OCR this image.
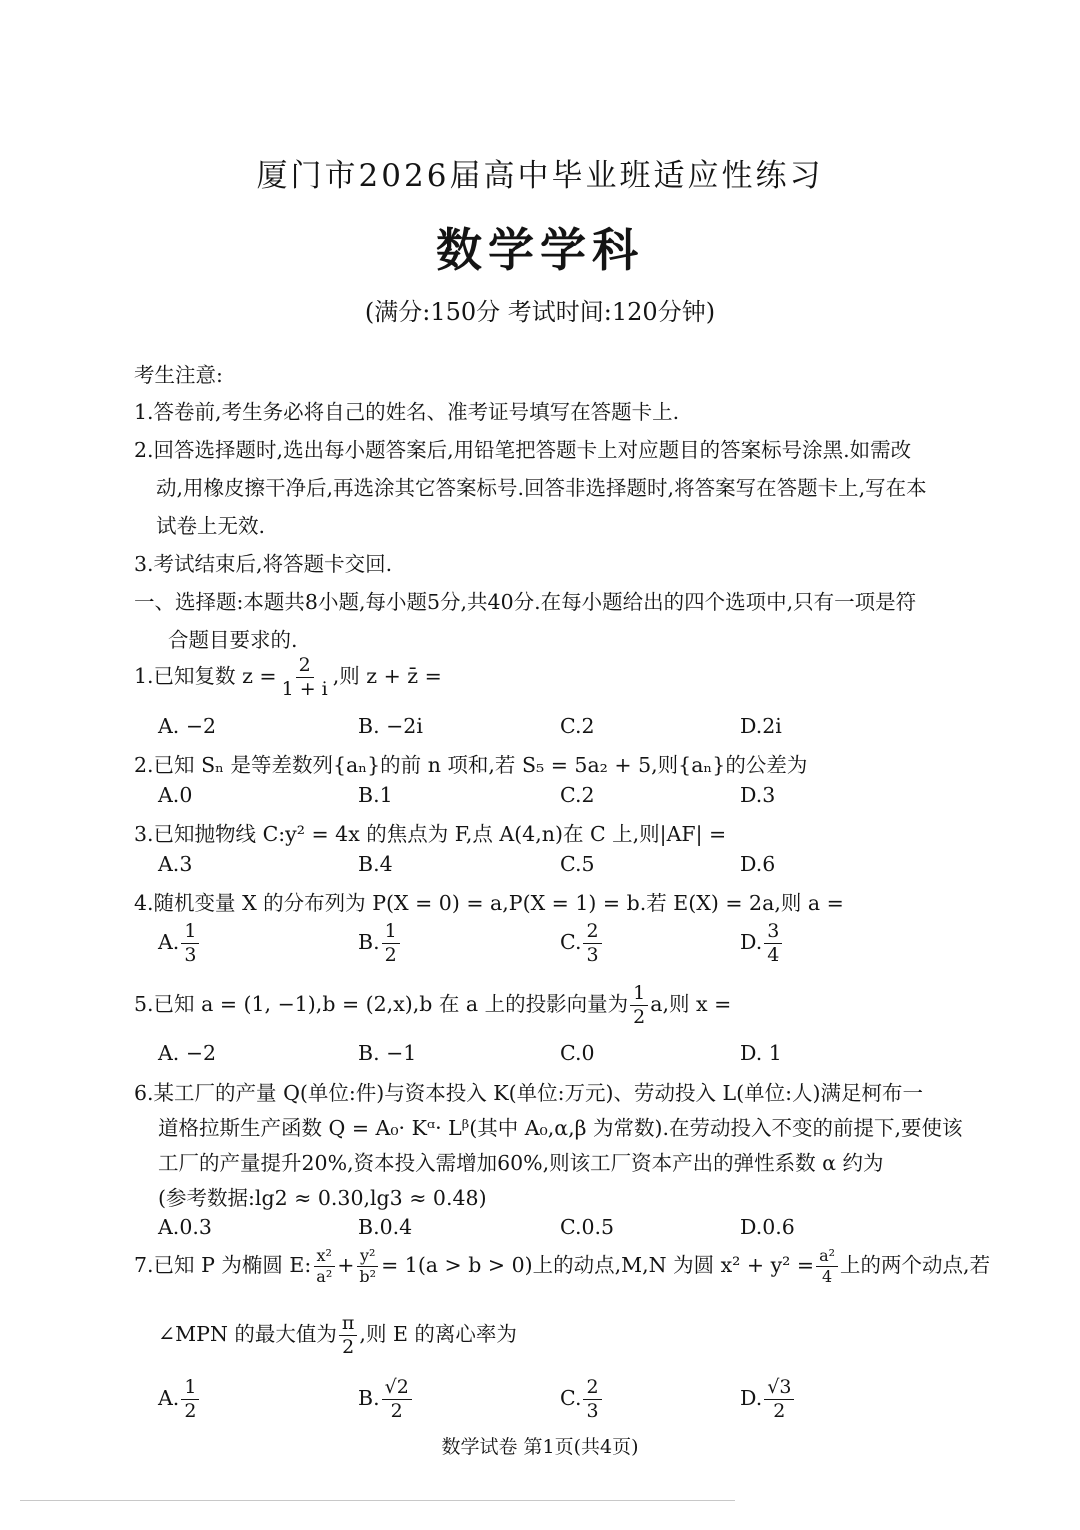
厦门市2026届高中毕业班适应性练习
数学学科
(满分:150分 考试时间:120分钟)
考生注意:
1.答卷前,考生务必将自己的姓名、准考证号填写在答题卡上.
2.回答选择题时,选出每小题答案后,用铅笔把答题卡上对应题目的答案标号涂黑.如需改
动,用橡皮擦干净后,再选涂其它答案标号.回答非选择题时,将答案写在答题卡上,写在本
试卷上无效.
3.考试结束后,将答题卡交回.
一、选择题:本题共8小题,每小题5分,共40分.在每小题给出的四个选项中,只有一项是符
合题目要求的.
1.已知复数 $z = \frac{2}{1 + i}$ ,则 z + z̄ =
A. −2	B. −2i	C.2	D.2i
2.已知 Sₙ 是等差数列{aₙ}的前 n 项和,若 S₅ = 5a₂ + 5,则{aₙ}的公差为
A.0	B.1	C.2	D.3
3.已知抛物线 C:y² = 4x 的焦点为 F,点 A(4,n)在 C 上,则|AF| =
A.3	B.4	C.5	D.6
4.随机变量 X 的分布列为 P(X = 0) = a,P(X = 1) = b.若 E(X) = 2a,则 a =
A. $\frac{1}{3}$	B. $\frac{1}{2}$	C. $\frac{2}{3}$	D. $\frac{3}{4}$
5.已知 a = (1, −1),b = (2,x),b 在 a 上的投影向量为 $\frac{1}{2} a$,则 x =
A. −2	B. −1	C.0	D. 1
6.某工厂的产量 Q(单位:件)与资本投入 K(单位:万元)、劳动投入 L(单位:人)满足柯布一
道格拉斯生产函数 Q = A₀· Kᵅ· Lᵝ(其中 A₀,α,β 为常数).在劳动投入不变的前提下,要使该
工厂的产量提升20%,资本投入需增加60%,则该工厂资本产出的弹性系数 α 约为
(参考数据:lg2 ≈ 0.30,lg3 ≈ 0.48)
A.0.3	B.0.4	C.0.5	D.0.6
7.已知 P 为椭圆 E: $\frac{\text{x²}}{\text{a²}} + \frac{\text{y²}}{\text{b²}} = 1(a > b > 0)$上的动点,M,N 为圆 $x^2 + y^2 = \frac{\text{a²}}{4}$ 上的两个动点,若
∠MPN 的最大值为 $\frac{\pi}{2}$ ,则 E 的离心率为
A. $\frac{1}{2}$	B. $\frac{√2}{2}$	C. $\frac{2}{3}$	D. $\frac{√3}{2}$
数学试卷 第1页(共4页)
